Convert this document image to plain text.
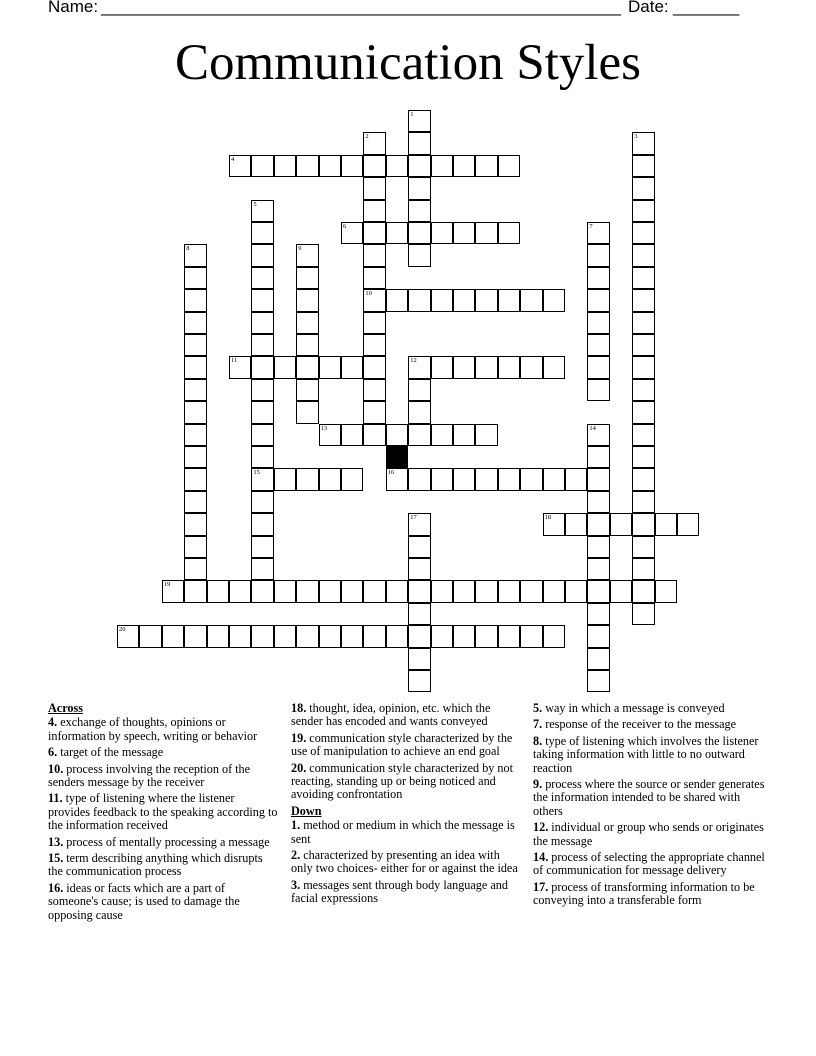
Name:
_______________________________________________________ Date: _______
Communication Styles
1
2
10
3
4
5
15
6	7
8	9
11	12
13	14
16
17	18
19
20
Across
4. exchange of thoughts, opinions or information by speech, writing or behavior
6. target of the message
10. process involving the reception of the senders message by the receiver
11. type of listening where the listener provides feedback to the speaking according to the information received
13. process of mentally processing a message
15. term describing anything which disrupts the communication process
16. ideas or facts which are a part of someone's cause; is used to damage the opposing cause
18. thought, idea, opinion, etc. which the sender has encoded and wants conveyed
19. communication style characterized by the use of manipulation to achieve an end goal
20. communication style characterized by not reacting, standing up or being noticed and avoiding confrontation
Down
1. method or medium in which the message is sent
2. characterized by presenting an idea with only two choices- either for or against the idea
3. messages sent through body language and facial expressions
5. way in which a message is conveyed
7. response of the receiver to the message
8. type of listening which involves the listener taking information with little to no outward reaction
9. process where the source or sender generates the information intended to be shared with others
12. individual or group who sends or originates the message
14. process of selecting the appropriate channel of communication for message delivery
17. process of transforming information to be conveying into a transferable form
